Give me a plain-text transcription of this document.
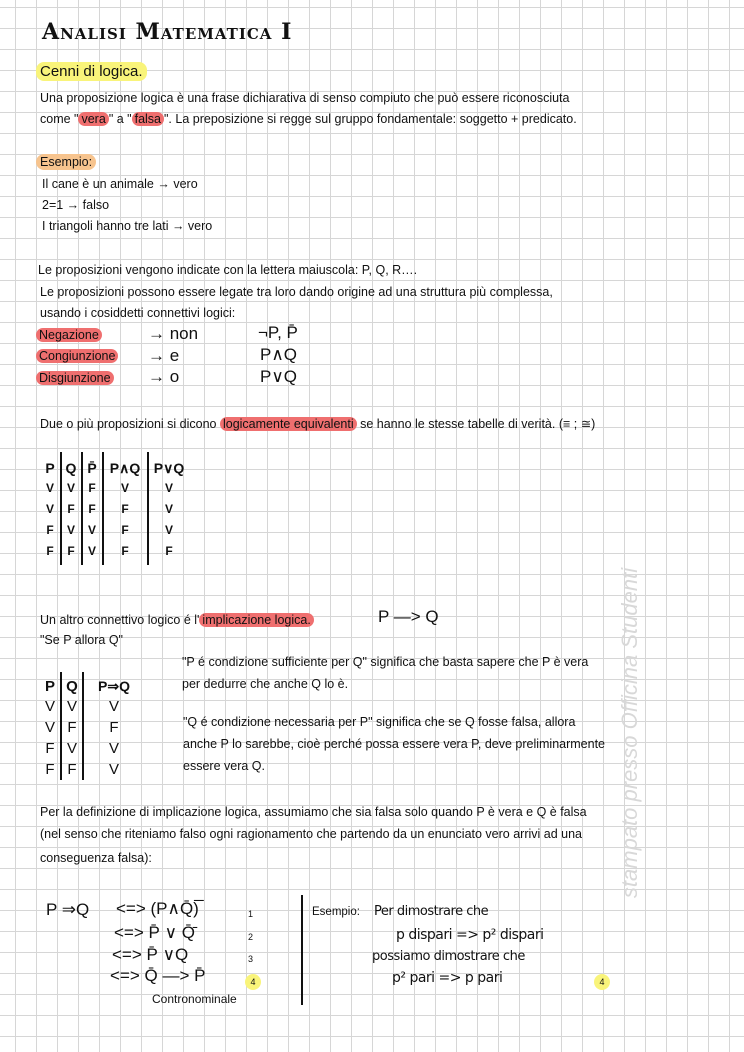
stampato presso Officina Studenti
Analisi Matematica I
Cenni di logica.
Una proposizione logica è una frase dichiarativa di senso compiuto che può essere riconosciuta
come " vera " a " falsa ". La preposizione si regge sul gruppo fondamentale: soggetto + predicato.
Esempio:
Il cane è un animale → vero
2=1 → falso
I triangoli hanno tre lati → vero
Le proposizioni vengono indicate con la lettera maiuscola: P, Q, R….
Le proposizioni possono essere legate tra loro dando origine ad una struttura più complessa,
usando i cosiddetti connettivi logici:
Negazione	→ non	¬P, P̄
Congiunzione → e	P∧Q
Disgiunzione → o	P∨Q
Due o più proposizioni si dicono logicamente equivalenti se hanno le stesse tabelle di verità. (≡ ; ≅)
P Q P̄ P∧Q P∨Q
V	V	F	V	V
V	F	F	F	V
F	V	V	F	V
F	F	V	F	F
Un altro connettivo logico é l' implicazione logica.	P —> Q
"Se P allora Q"
P Q	P⇒Q
V V	V
V F	F
F V	V
F F	V
"P é condizione sufficiente per Q" significa che basta sapere che P è vera
per dedurre che anche Q lo è.
"Q é condizione necessaria per P" significa che se Q fosse falsa, allora
anche P lo sarebbe, cioè perché possa essere vera P, deve preliminarmente
essere vera Q.
Per la definizione di implicazione logica, assumiamo che sia falsa solo quando P è vera e Q è falsa
(nel senso che riteniamo falso ogni ragionamento che partendo da un enunciato vero arrivi ad una
conseguenza falsa):
P ⇒Q <=> (P∧Q̄)̅	1
<=> P̄ ∨ Q̄̄	2
<=> P̄ ∨Q	3
<=> Q̄ —> P̄	4
Contronominale
Esempio: Per dimostrare che
p dispari => p² dispari
possiamo dimostrare che
p² pari => p pari	4
